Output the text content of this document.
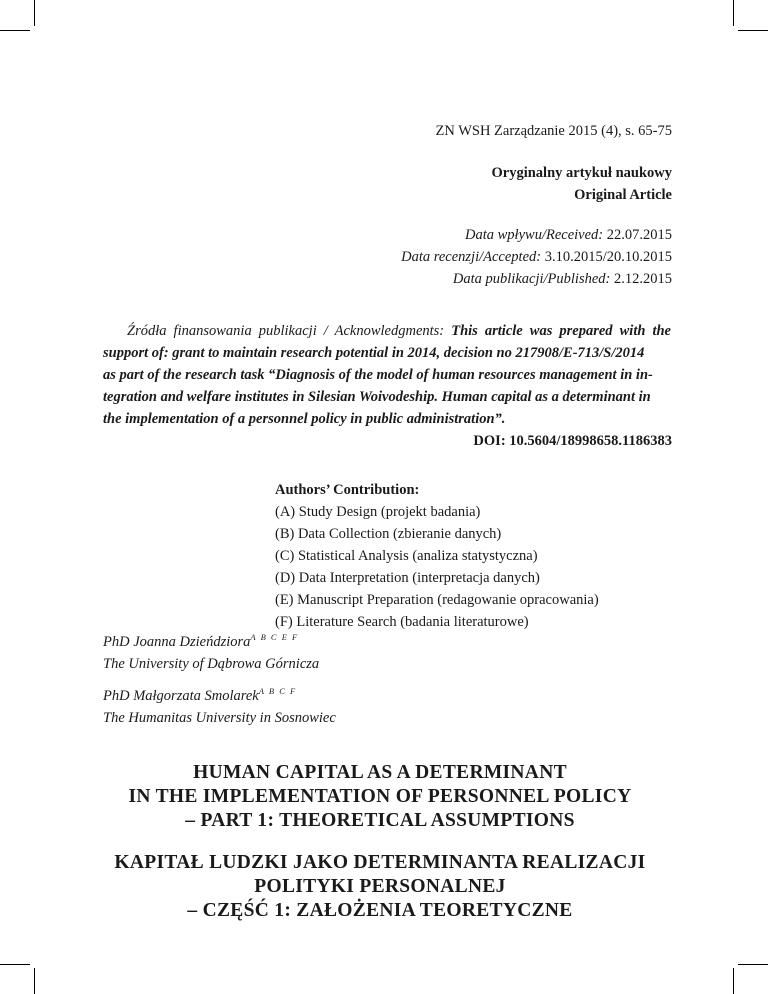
ZN WSH Zarządzanie 2015 (4), s. 65-75
Oryginalny artykuł naukowy
Original Article
Data wpływu/Received: 22.07.2015
Data recenzji/Accepted: 3.10.2015/20.10.2015
Data publikacji/Published: 2.12.2015
Źródła finansowania publikacji / Acknowledgments: This article was prepared with the
support of: grant to maintain research potential in 2014, decision no 217908/E-713/S/2014
as part of the research task “Diagnosis of the model of human resources management in in-
tegration and welfare institutes in Silesian Woivodeship. Human capital as a determinant in
the implementation of a personnel policy in public administration”.
DOI: 10.5604/18998658.1186383
Authors’ Contribution:
(A) Study Design (projekt badania)
(B) Data Collection (zbieranie danych)
(C) Statistical Analysis (analiza statystyczna)
(D) Data Interpretation (interpretacja danych)
(E) Manuscript Preparation (redagowanie opracowania)
(F) Literature Search (badania literaturowe)
PhD Joanna Dzieńdziora$^{A B C E F}$
The University of Dąbrowa Górnicza
PhD Małgorzata Smolarek$^{A B C F}$
The Humanitas University in Sosnowiec
HUMAN CAPITAL AS A DETERMINANT
IN THE IMPLEMENTATION OF PERSONNEL POLICY
– PART 1: THEORETICAL ASSUMPTIONS
KAPITAŁ LUDZKI JAKO DETERMINANTA REALIZACJI
POLITYKI PERSONALNEJ
– CZĘŚĆ 1: ZAŁOŻENIA TEORETYCZNE
